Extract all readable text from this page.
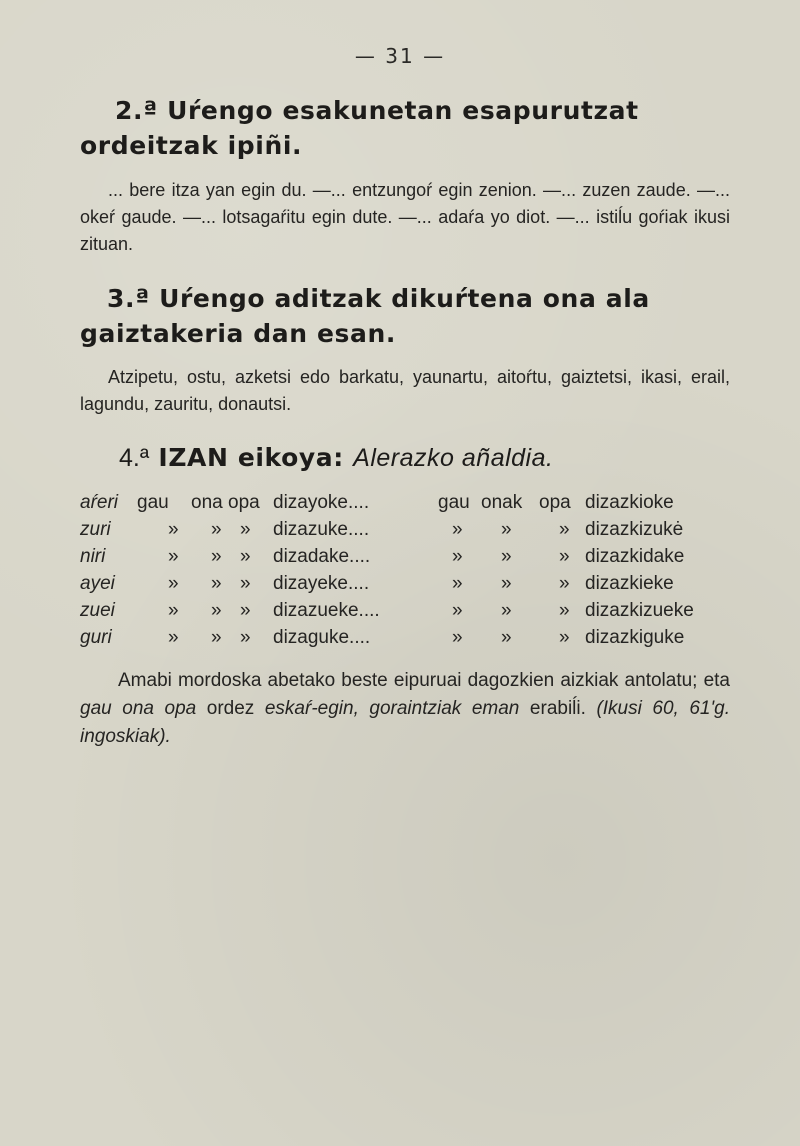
— 31 —
2.ª Uŕengo esakunetan esapurutzat ordeitzak ipiñi.
... bere itza yan egin du. —... entzungoŕ egin zenion. —... zuzen zaude. —... okeŕ gaude. —... lotsagaŕitu egin dute. —... adaŕa yo diot. —... istiĺu goŕiak ikusi zituan.
3.ª Uŕengo aditzak dikuŕtena ona ala gaiztakeria dan esan.
Atzipetu, ostu, azketsi edo barkatu, yaunartu, aitoŕtu, gaiztetsi, ikasi, erail, lagundu, zauritu, donautsi.
4.ª IZAN eikoya: Alerazko añaldia.
aŕeri gau ona opa dizayoke....	gau onak opa dizazkioke
zuri	» » » dizazuke....	» » » dizazkizukė
niri	» » » dizadake....	» » » dizazkidake
ayei	» » » dizayeke....	» » » dizazkieke
zuei	» » » dizazueke....	» » » dizazkizueke
guri	» » » dizaguke....	» » » dizazkiguke
Amabi mordoska abetako beste eipuruai dagozkien aizkiak antolatu; eta gau ona opa ordez eskaŕ-egin, goraintziak eman erabiĺi. (Ikusi 60, 61'g. ingoskiak).
